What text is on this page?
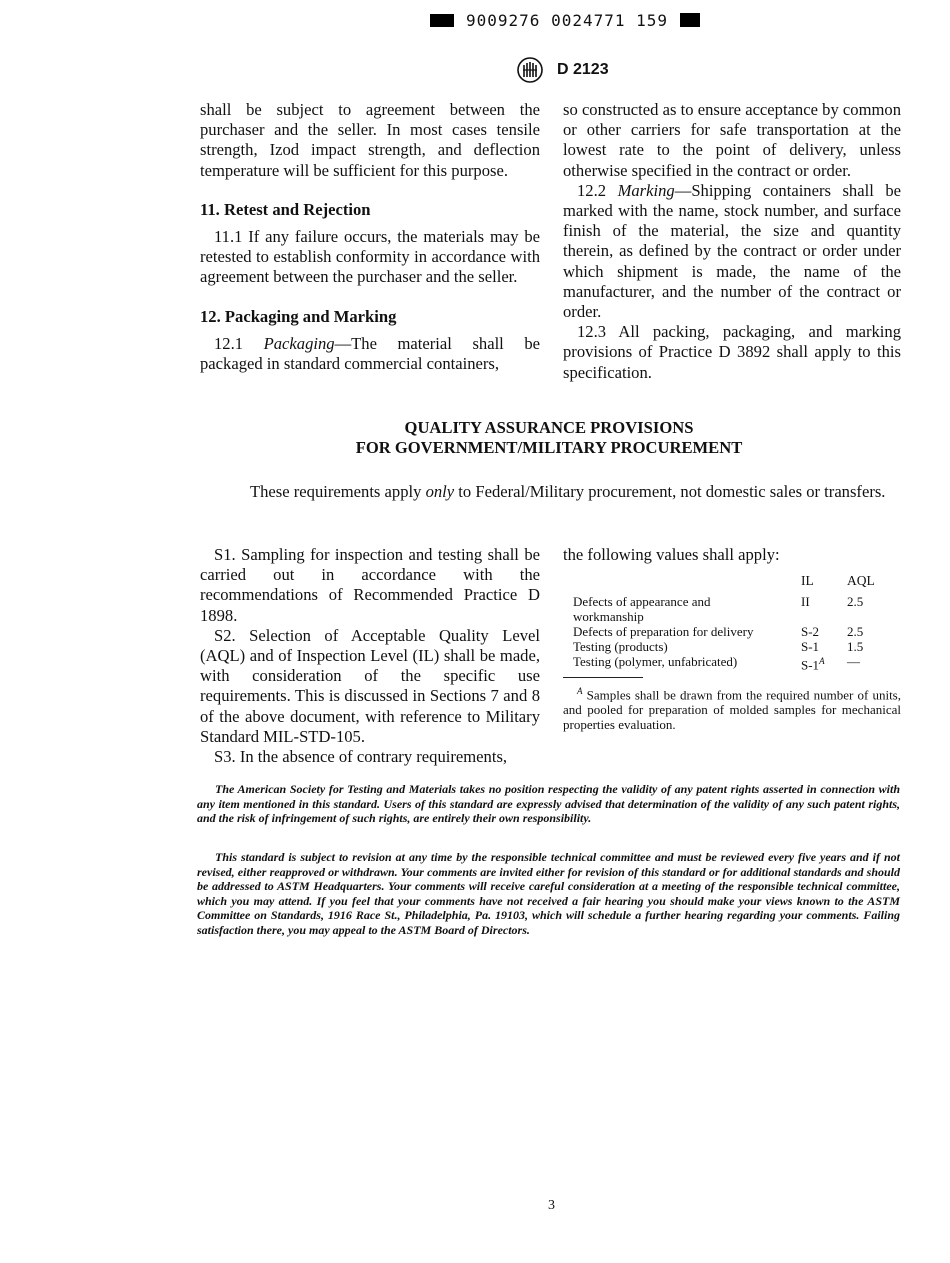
9009276 0024771 159
D 2123

shall be subject to agreement between the purchaser and the seller. In most cases tensile strength, Izod impact strength, and deflection temperature will be sufficient for this purpose.

11. Retest and Rejection

11.1 If any failure occurs, the materials may be retested to establish conformity in accordance with agreement between the purchaser and the seller.

12. Packaging and Marking

12.1 Packaging—The material shall be packaged in standard commercial containers,

so constructed as to ensure acceptance by common or other carriers for safe transportation at the lowest rate to the point of delivery, unless otherwise specified in the contract or order.

12.2 Marking—Shipping containers shall be marked with the name, stock number, and surface finish of the material, the size and quantity therein, as defined by the contract or order under which shipment is made, the name of the manufacturer, and the number of the contract or order.

12.3 All packing, packaging, and marking provisions of Practice D 3892 shall apply to this specification.

QUALITY ASSURANCE PROVISIONS
FOR GOVERNMENT/MILITARY PROCUREMENT
These requirements apply only to Federal/Military procurement, not domestic sales or transfers.

S1. Sampling for inspection and testing shall be carried out in accordance with the recommendations of Recommended Practice D 1898.

S2. Selection of Acceptable Quality Level (AQL) and of Inspection Level (IL) shall be made, with consideration of the specific use requirements. This is discussed in Sections 7 and 8 of the above document, with reference to Military Standard MIL-STD-105.

S3. In the absence of contrary requirements,

the following values shall apply:
	IL	AQL

Defects of appearance and workmanship	II	2.5
Defects of preparation for delivery	S-2	2.5
Testing (products)	S-1	1.5
Testing (polymer, unfabricated)	$S-1^A$	—
$^A$ Samples shall be drawn from the required number of units, and pooled for preparation of molded samples for mechanical properties evaluation.
The American Society for Testing and Materials takes no position respecting the validity of any patent rights asserted in connection with any item mentioned in this standard. Users of this standard are expressly advised that determination of the validity of any such patent rights, and the risk of infringement of such rights, are entirely their own responsibility.
This standard is subject to revision at any time by the responsible technical committee and must be reviewed every five years and if not revised, either reapproved or withdrawn. Your comments are invited either for revision of this standard or for additional standards and should be addressed to ASTM Headquarters. Your comments will receive careful consideration at a meeting of the responsible technical committee, which you may attend. If you feel that your comments have not received a fair hearing you should make your views known to the ASTM Committee on Standards, 1916 Race St., Philadelphia, Pa. 19103, which will schedule a further hearing regarding your comments. Failing satisfaction there, you may appeal to the ASTM Board of Directors.
3
